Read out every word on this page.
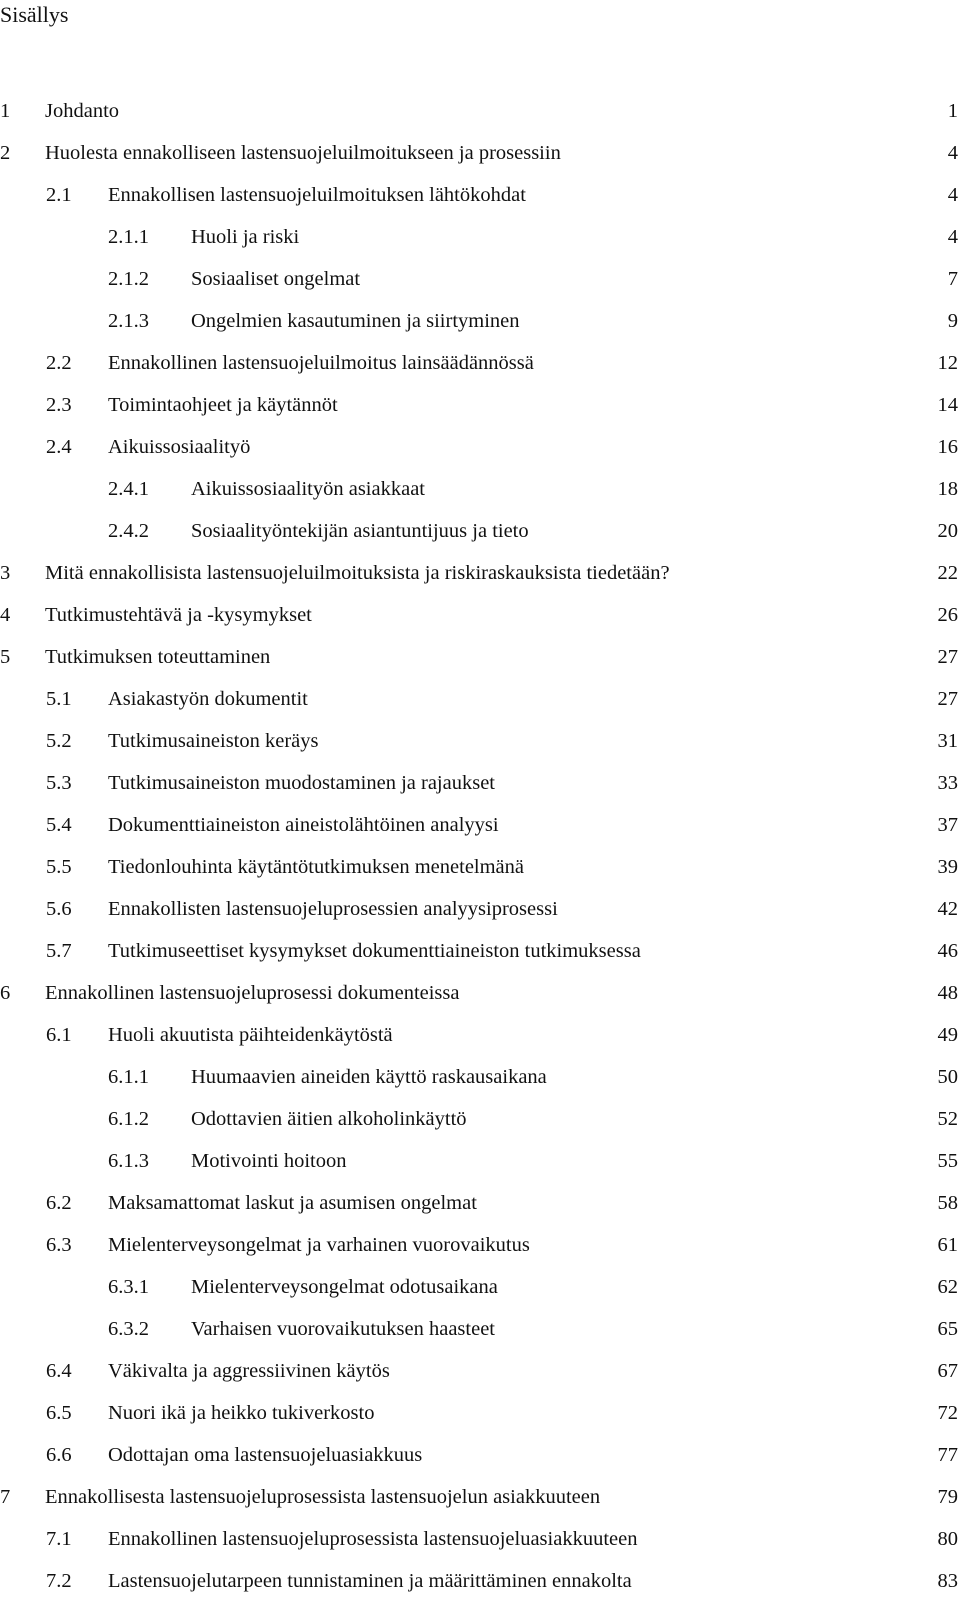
Sisällys
1 Johdanto	1
2 Huolesta ennakolliseen lastensuojeluilmoitukseen ja prosessiin	4
2.1 Ennakollisen lastensuojeluilmoituksen lähtökohdat	4
2.1.1 Huoli ja riski	4
2.1.2 Sosiaaliset ongelmat	7
2.1.3 Ongelmien kasautuminen ja siirtyminen	9
2.2 Ennakollinen lastensuojeluilmoitus lainsäädännössä	12
2.3 Toimintaohjeet ja käytännöt	14
2.4 Aikuissosiaalityö	16
2.4.1 Aikuissosiaalityön asiakkaat	18
2.4.2 Sosiaalityöntekijän asiantuntijuus ja tieto	20
3 Mitä ennakollisista lastensuojeluilmoituksista ja riskiraskauksista tiedetään?	22
4 Tutkimustehtävä ja -kysymykset	26
5 Tutkimuksen toteuttaminen	27
5.1 Asiakastyön dokumentit	27
5.2 Tutkimusaineiston keräys	31
5.3 Tutkimusaineiston muodostaminen ja rajaukset	33
5.4 Dokumenttiaineiston aineistolähtöinen analyysi	37
5.5 Tiedonlouhinta käytäntötutkimuksen menetelmänä	39
5.6 Ennakollisten lastensuojeluprosessien analyysiprosessi	42
5.7 Tutkimuseettiset kysymykset dokumenttiaineiston tutkimuksessa	46
6 Ennakollinen lastensuojeluprosessi dokumenteissa	48
6.1 Huoli akuutista päihteidenkäytöstä	49
6.1.1 Huumaavien aineiden käyttö raskausaikana	50
6.1.2 Odottavien äitien alkoholinkäyttö	52
6.1.3 Motivointi hoitoon	55
6.2 Maksamattomat laskut ja asumisen ongelmat	58
6.3 Mielenterveysongelmat ja varhainen vuorovaikutus	61
6.3.1 Mielenterveysongelmat odotusaikana	62
6.3.2 Varhaisen vuorovaikutuksen haasteet	65
6.4 Väkivalta ja aggressiivinen käytös	67
6.5 Nuori ikä ja heikko tukiverkosto	72
6.6 Odottajan oma lastensuojeluasiakkuus	77
7 Ennakollisesta lastensuojeluprosessista lastensuojelun asiakkuuteen	79
7.1 Ennakollinen lastensuojeluprosessista lastensuojeluasiakkuuteen	80
7.2 Lastensuojelutarpeen tunnistaminen ja määrittäminen ennakolta	83
